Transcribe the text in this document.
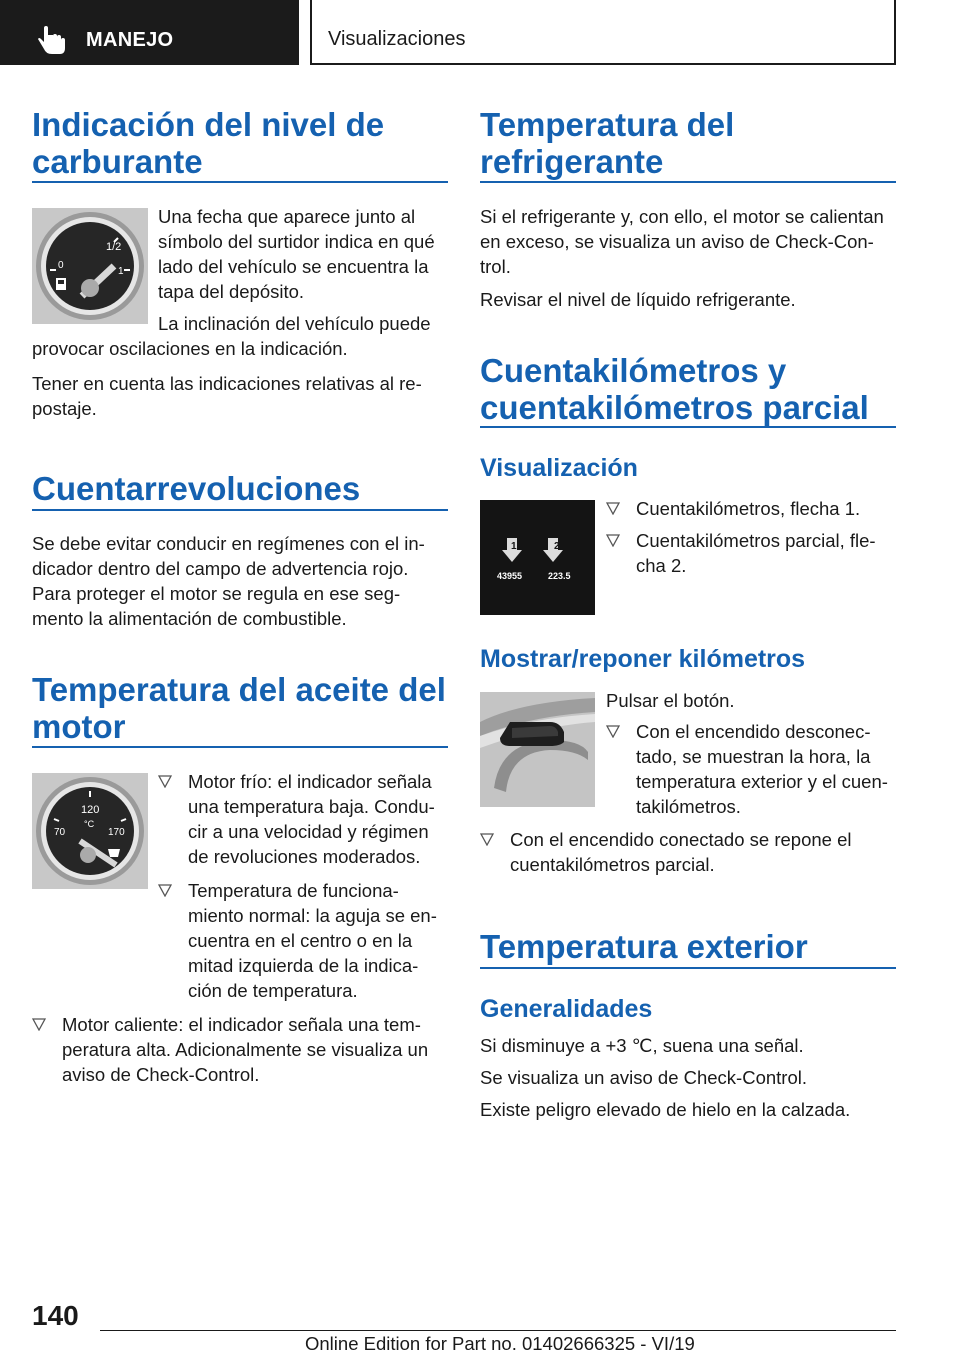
MANEJO	Visualizaciones
Indicación del nivel de
carburante
1/2
0
1
Una fecha que aparece junto al
símbolo del surtidor indica en qué
lado del vehículo se encuentra la
tapa del depósito.
La inclinación del vehículo puede
provocar oscilaciones en la indicación.
Tener en cuenta las indicaciones relativas al re-
postaje.
Cuentarrevoluciones
Se debe evitar conducir en regímenes con el in-
dicador dentro del campo de advertencia rojo.
Para proteger el motor se regula en ese seg-
mento la alimentación de combustible.
Temperatura del aceite del
motor
120
°C
70	170
Motor frío: el indicador señala
una temperatura baja. Condu-
cir a una velocidad y régimen
de revoluciones moderados.
Temperatura de funciona-
miento normal: la aguja se en-
cuentra en el centro o en la
mitad izquierda de la indica-
ción de temperatura.
Motor caliente: el indicador señala una tem-
peratura alta. Adicionalmente se visualiza un
aviso de Check-Control.
Temperatura del
refrigerante
Si el refrigerante y, con ello, el motor se calientan
en exceso, se visualiza un aviso de Check-Con-
trol.
Revisar el nivel de líquido refrigerante.
Cuentakilómetros y
cuentakilómetros parcial
Visualización
1	2
43955	223.5
Cuentakilómetros, flecha 1.
Cuentakilómetros parcial, fle-
cha 2.
Mostrar/reponer kilómetros
Pulsar el botón.
Con el encendido desconec-
tado, se muestran la hora, la
temperatura exterior y el cuen-
takilómetros.
Con el encendido conectado se repone el
cuentakilómetros parcial.
Temperatura exterior
Generalidades
Si disminuye a +3 ℃, suena una señal.
Se visualiza un aviso de Check-Control.
Existe peligro elevado de hielo en la calzada.
140
Online Edition for Part no. 01402666325 - VI/19
